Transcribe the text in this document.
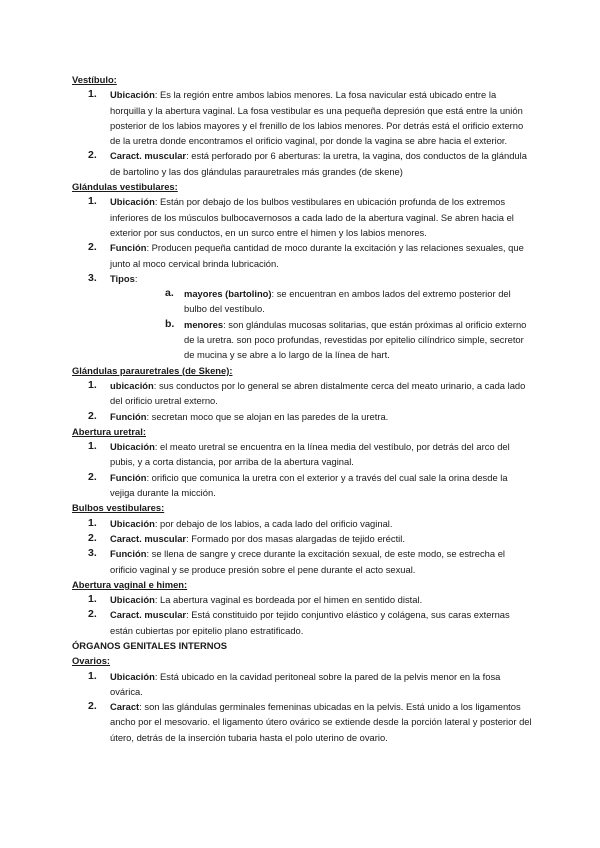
Vestíbulo:
1. Ubicación: Es la región entre ambos labios menores. La fosa navicular está ubicado entre la horquilla y la abertura vaginal. La fosa vestibular es una pequeña depresión que está entre la unión posterior de los labios mayores y el frenillo de los labios menores. Por detrás está el orificio externo de la uretra donde encontramos el orificio vaginal, por donde la vagina se abre hacia el exterior.
2. Caract. muscular: está perforado por 6 aberturas: la uretra, la vagina, dos conductos de la glándula de bartolino y las dos glándulas parauretrales más grandes (de skene)
Glándulas vestibulares:
1. Ubicación: Están por debajo de los bulbos vestibulares en ubicación profunda de los extremos inferiores de los músculos bulbocavernosos a cada lado de la abertura vaginal. Se abren hacia el exterior por sus conductos, en un surco entre el himen y los labios menores.
2. Función: Producen pequeña cantidad de moco durante la excitación y las relaciones sexuales, que junto al moco cervical brinda lubricación.
3. Tipos:
a. mayores (bartolino): se encuentran en ambos lados del extremo posterior del bulbo del vestíbulo.
b. menores: son glándulas mucosas solitarias, que están próximas al orificio externo de la uretra. son poco profundas, revestidas por epitelio cilíndrico simple, secretor de mucina y se abre a lo largo de la línea de hart.
Glándulas parauretrales (de Skene):
1. ubicación: sus conductos por lo general se abren distalmente cerca del meato urinario, a cada lado del orificio uretral externo.
2. Función: secretan moco que se alojan en las paredes de la uretra.
Abertura uretral:
1. Ubicación: el meato uretral se encuentra en la línea media del vestíbulo, por detrás del arco del pubis, y a corta distancia, por arriba de la abertura vaginal.
2. Función: orificio que comunica la uretra con el exterior y a través del cual sale la orina desde la vejiga durante la micción.
Bulbos vestibulares:
1. Ubicación: por debajo de los labios, a cada lado del orificio vaginal.
2. Caract. muscular: Formado por dos masas alargadas de tejido eréctil.
3. Función: se llena de sangre y crece durante la excitación sexual, de este modo, se estrecha el orificio vaginal y se produce presión sobre el pene durante el acto sexual.
Abertura vaginal e himen:
1. Ubicación: La abertura vaginal es bordeada por el himen en sentido distal.
2. Caract. muscular: Está constituido por tejido conjuntivo elástico y colágena, sus caras externas están cubiertas por epitelio plano estratificado.
ÓRGANOS GENITALES INTERNOS
Ovarios:
1. Ubicación: Está ubicado en la cavidad peritoneal sobre la pared de la pelvis menor en la fosa ovárica.
2. Caract: son las glándulas germinales femeninas ubicadas en la pelvis. Está unido a los ligamentos ancho por el mesovario. el ligamento útero ovárico se extiende desde la porción lateral y posterior del útero, detrás de la inserción tubaria hasta el polo uterino de ovario.
